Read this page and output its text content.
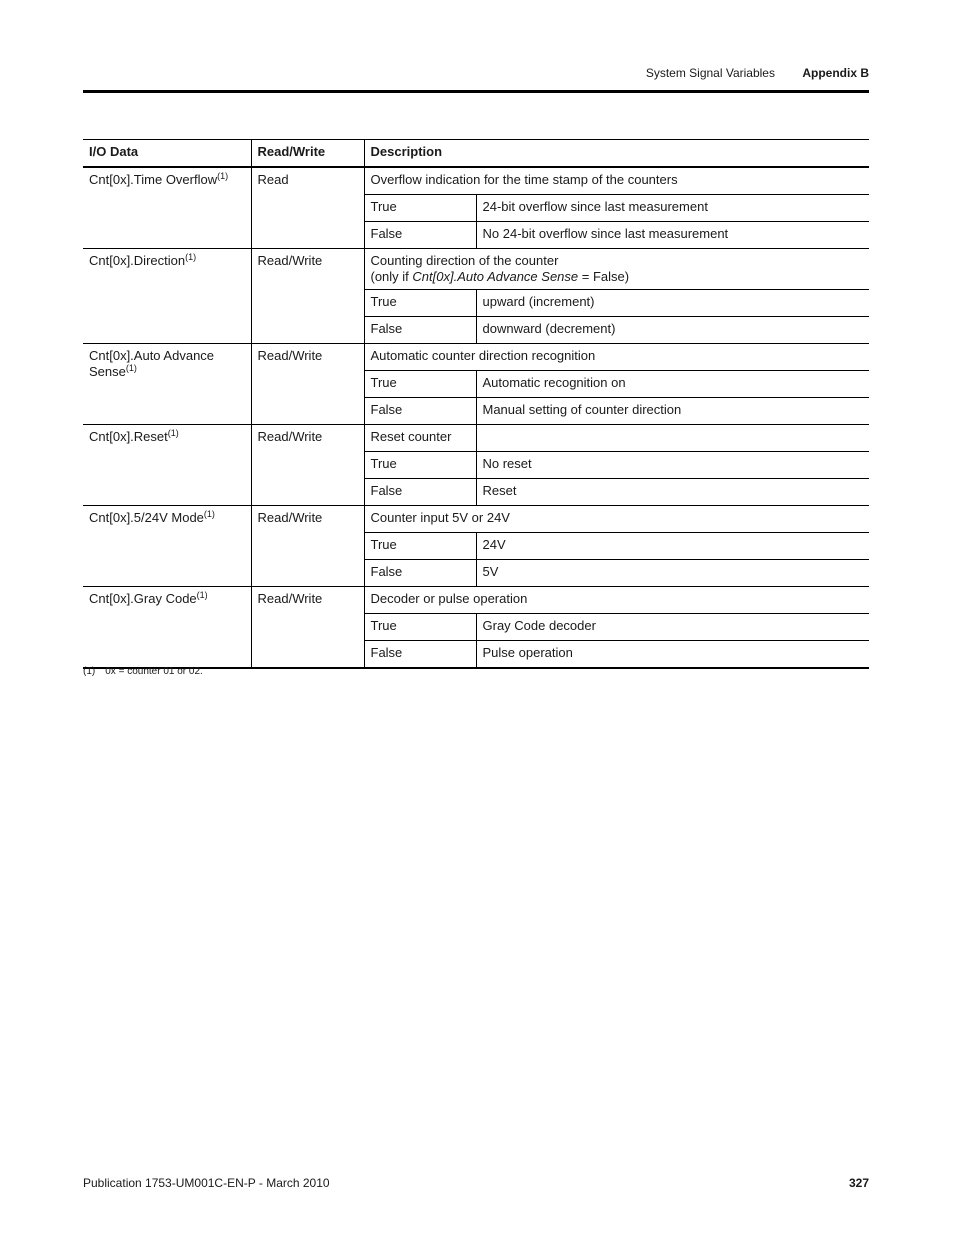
System Signal Variables Appendix B
I/O Data	Read/Write	Description	
Cnt[0x].Time Overflow$^{(1)}$	Read	Overflow indication for the time stamp of the counters	
		True	24-bit overflow since last measurement
		False	No 24-bit overflow since last measurement
Cnt[0x].Direction$^{(1)}$	Read/Write	Counting direction of the counter
(only if Cnt[0x].Auto Advance Sense = False)	
		True	upward (increment)
		False	downward (decrement)
Cnt[0x].Auto Advance Sense$^{(1)}$	Read/Write	Automatic counter direction recognition	
		True	Automatic recognition on
		False	Manual setting of counter direction
Cnt[0x].Reset$^{(1)}$	Read/Write	Reset counter	
		True	No reset
		False	Reset
Cnt[0x].5/24V Mode$^{(1)}$	Read/Write	Counter input 5V or 24V	
		True	24V
		False	5V
Cnt[0x].Gray Code$^{(1)}$	Read/Write	Decoder or pulse operation	
		True	Gray Code decoder
		False	Pulse operation
(1) 0x = counter 01 or 02.
Publication 1753-UM001C-EN-P - March 2010	327
